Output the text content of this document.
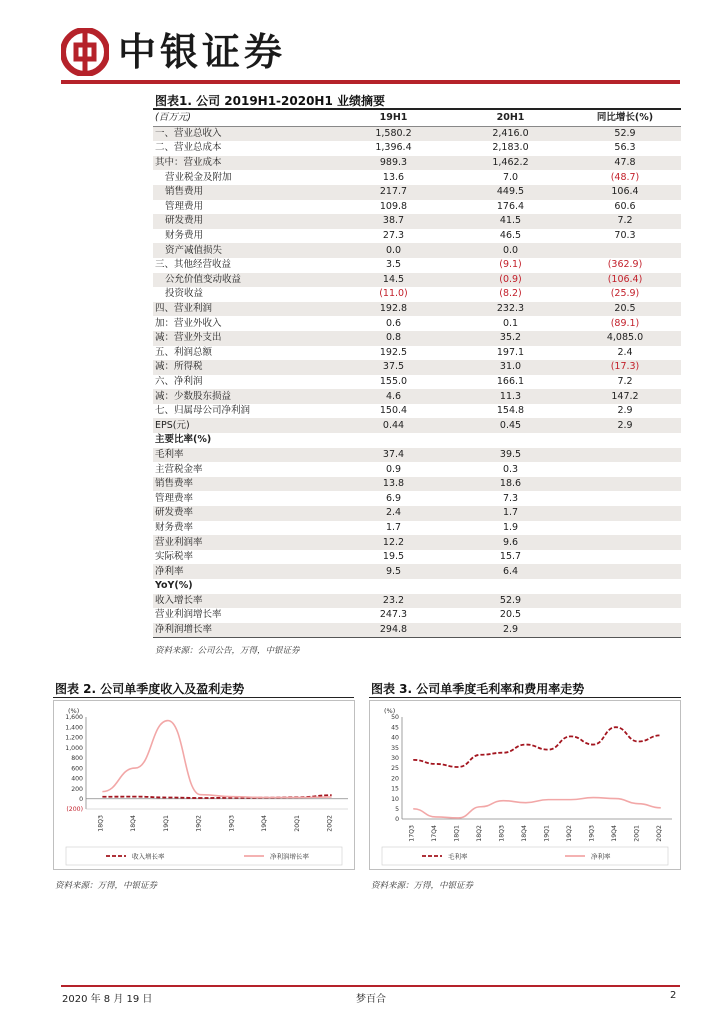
中银证券
图表1. 公司 2019H1-2020H1 业绩摘要
(百万元)	19H1	20H1	同比增长(%)
一、营业总收入	1,580.2	2,416.0	52.9
二、营业总成本	1,396.4	2,183.0	56.3
其中：营业成本	989.3	1,462.2	47.8
营业税金及附加	13.6	7.0	(48.7)
销售费用	217.7	449.5	106.4
管理费用	109.8	176.4	60.6
研发费用	38.7	41.5	7.2
财务费用	27.3	46.5	70.3
资产减值损失	0.0	0.0	
三、其他经营收益	3.5	(9.1)	(362.9)
公允价值变动收益	14.5	(0.9)	(106.4)
投资收益	(11.0)	(8.2)	(25.9)
四、营业利润	192.8	232.3	20.5
加：营业外收入	0.6	0.1	(89.1)
减：营业外支出	0.8	35.2	4,085.0
五、利润总额	192.5	197.1	2.4
减：所得税	37.5	31.0	(17.3)
六、净利润	155.0	166.1	7.2
减：少数股东损益	4.6	11.3	147.2
七、归属母公司净利润	150.4	154.8	2.9
EPS(元)	0.44	0.45	2.9
主要比率(%)			
毛利率	37.4	39.5	
主营税金率	0.9	0.3	
销售费率	13.8	18.6	
管理费率	6.9	7.3	
研发费率	2.4	1.7	
财务费率	1.7	1.9	
营业利润率	12.2	9.6	
实际税率	19.5	15.7	
净利率	9.5	6.4	
YoY(%)			
收入增长率	23.2	52.9	
营业利润增长率	247.3	20.5	
净利润增长率	294.8	2.9	
资料来源：公司公告，万得，中银证券
图表 2. 公司单季度收入及盈利走势
(%)
1,600
1,400
1,200
1,000
800
600
400
200
0
(200)
18Q3	18Q4	19Q1	19Q2	19Q3	19Q4	20Q1	20Q2
收入增长率	净利润增长率
资料来源：万得，中银证券
图表 3. 公司单季度毛利率和费用率走势
(%)
50
45
40
35
30
25
20
15
10
5
0
17Q3	17Q4	18Q1	18Q2	18Q3	18Q4	19Q1	19Q2	19Q3	19Q4	20Q1	20Q2
毛利率	净利率
资料来源：万得，中银证券
2020 年 8 月 19 日	梦百合	2
